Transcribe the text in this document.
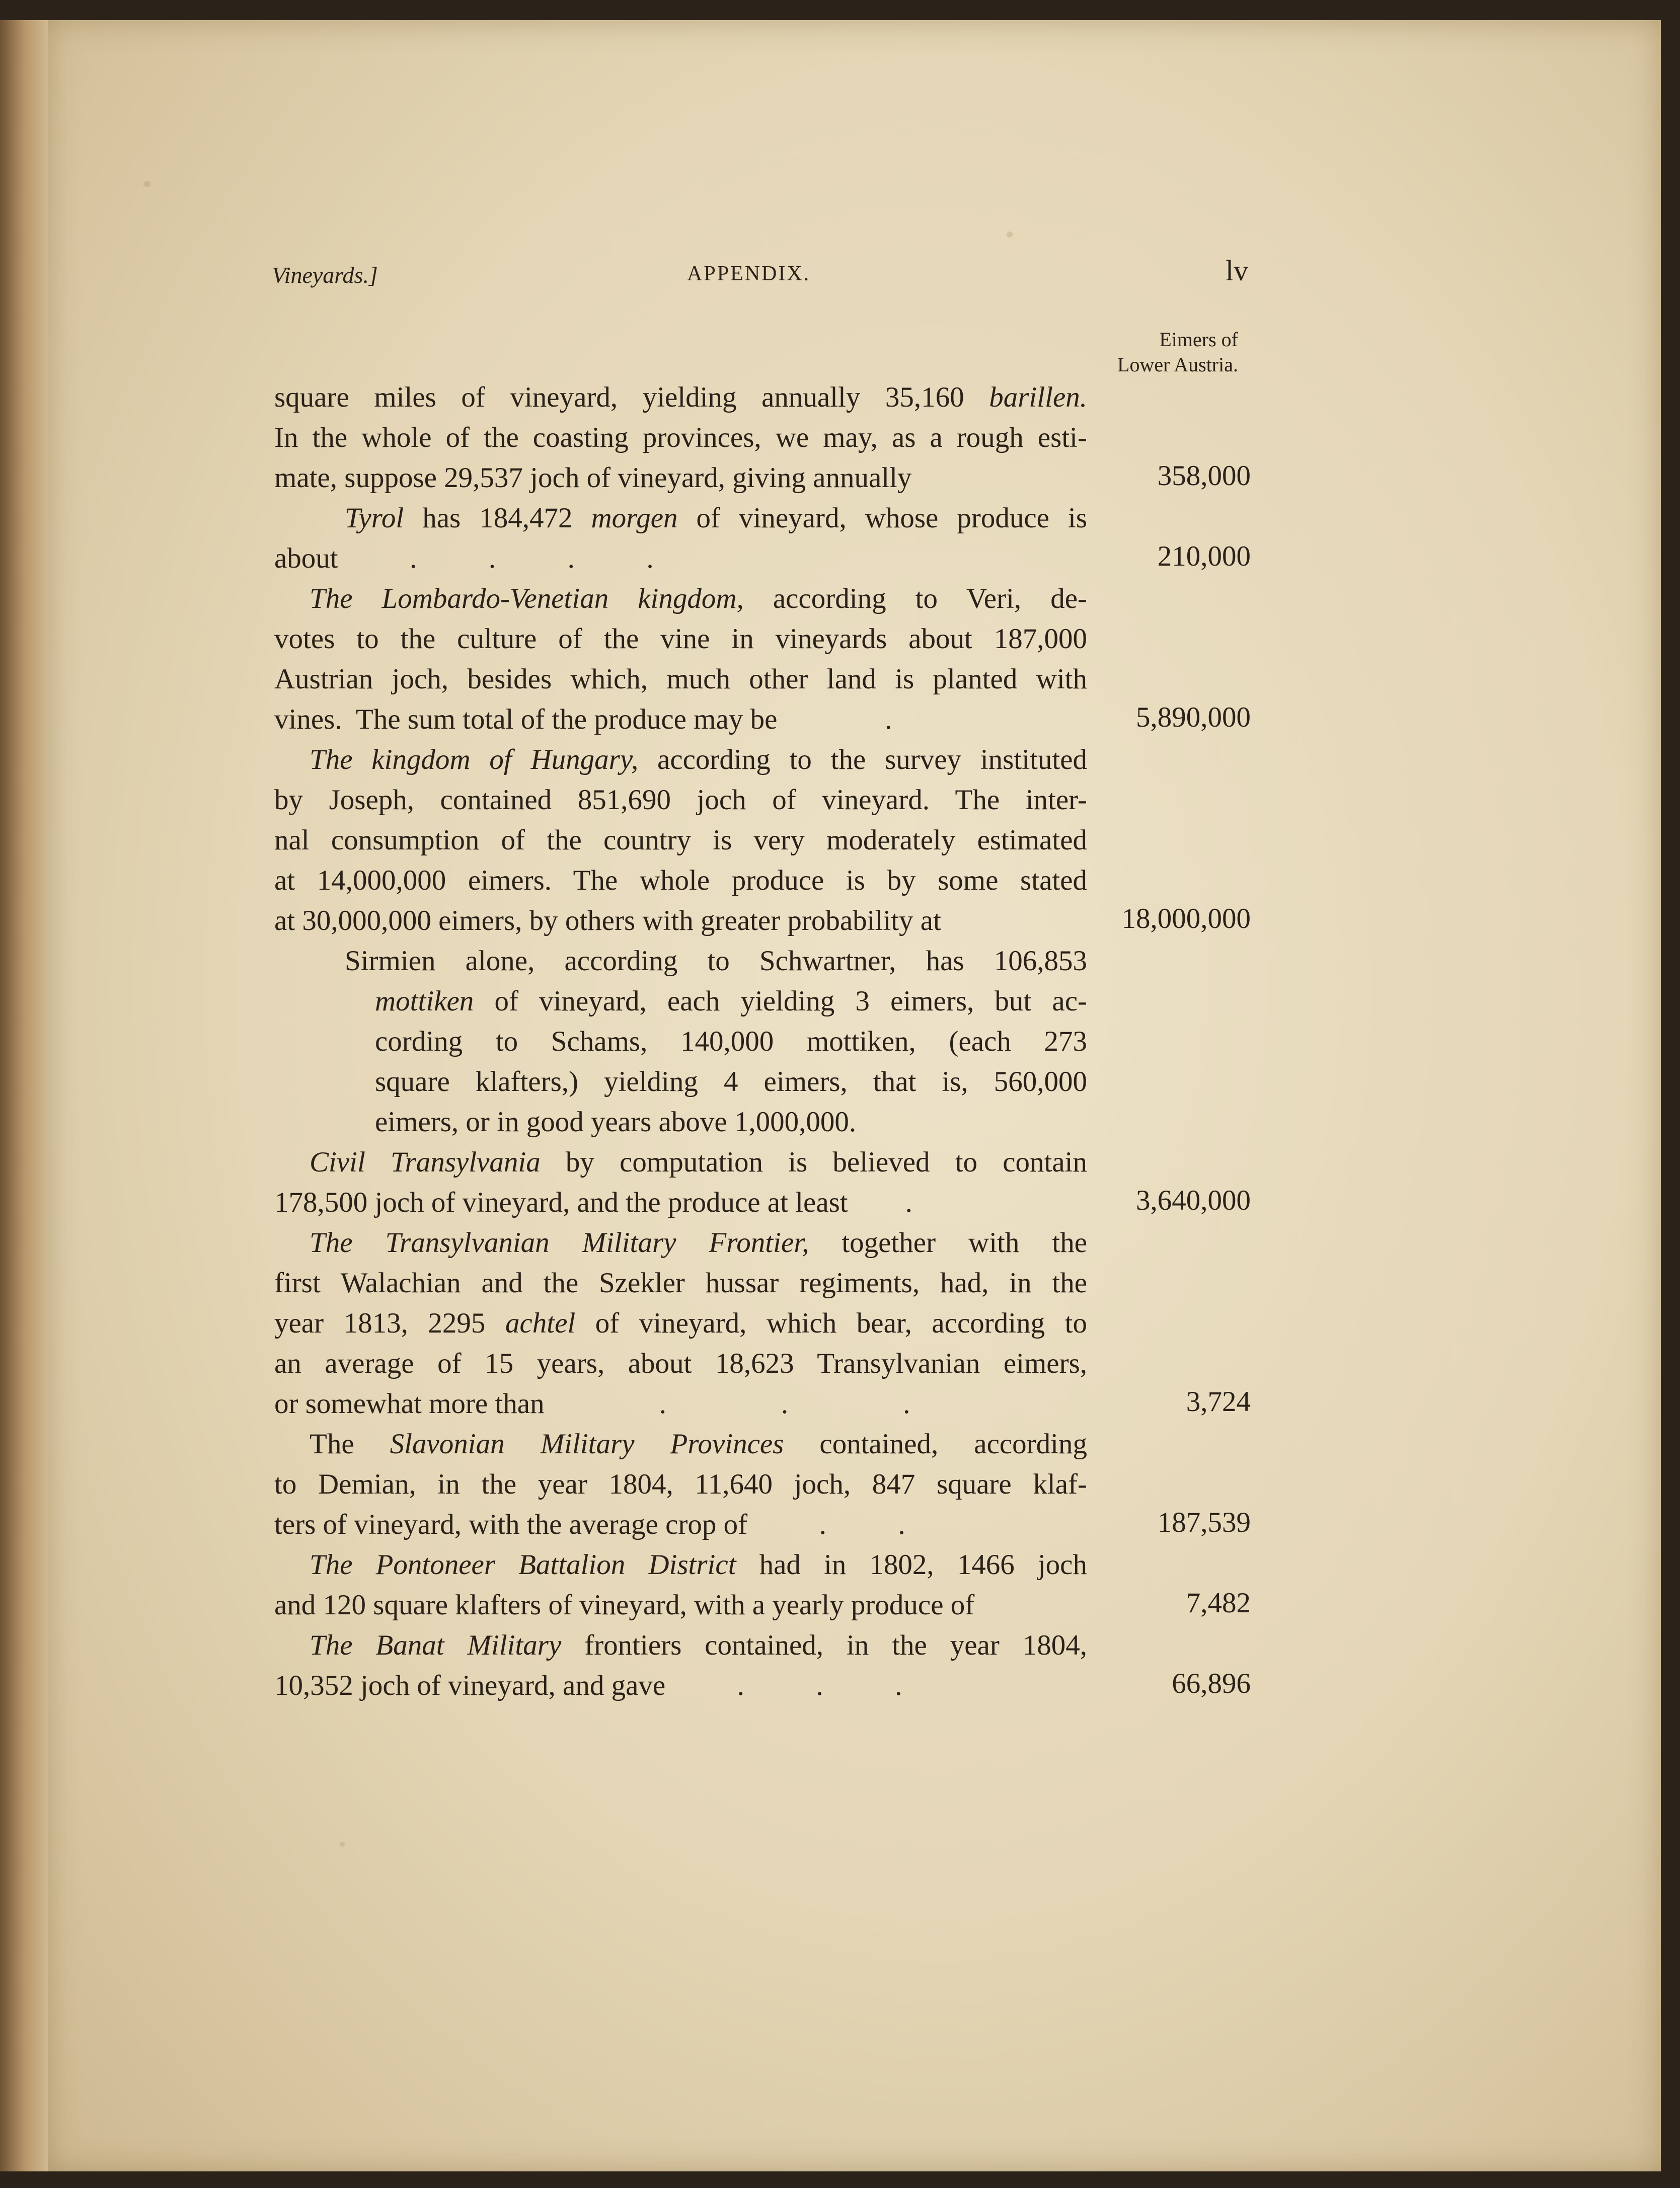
Vineyards.]	APPENDIX.	lv
Eimers of
Lower Austria.
square miles of vineyard, yielding annually 35,160 barillen.
In the whole of the coasting provinces, we may, as a rough esti-
mate, suppose 29,537 joch of vineyard, giving annually
Tyrol has 184,472 morgen of vineyard, whose produce is
about          .          .          .          .
The Lombardo-Venetian kingdom, according to Veri, de-
votes to the culture of the vine in vineyards about 187,000
Austrian joch, besides which, much other land is planted with
vines.  The sum total of the produce may be               .
The kingdom of Hungary, according to the survey instituted
by Joseph, contained 851,690 joch of vineyard. The inter-
nal consumption of the country is very moderately estimated
at 14,000,000 eimers. The whole produce is by some stated
at 30,000,000 eimers, by others with greater probability at
Sirmien alone, according to Schwartner, has 106,853
mottiken of vineyard, each yielding 3 eimers, but ac-
cording to Schams, 140,000 mottiken, (each 273
square klafters,) yielding 4 eimers, that is, 560,000
eimers, or in good years above 1,000,000.
Civil Transylvania by computation is believed to contain
178,500 joch of vineyard, and the produce at least        .
The Transylvanian Military Frontier, together with the
first Walachian and the Szekler hussar regiments, had, in the
year 1813, 2295 achtel of vineyard, which bear, according to
an average of 15 years, about 18,623 Transylvanian eimers,
or somewhat more than                .                .                .
The Slavonian Military Provinces contained, according
to Demian, in the year 1804, 11,640 joch, 847 square klaf-
ters of vineyard, with the average crop of          .          .
The Pontoneer Battalion District had in 1802, 1466 joch
and 120 square klafters of vineyard, with a yearly produce of
The Banat Military frontiers contained, in the year 1804,
10,352 joch of vineyard, and gave          .          .          .
358,000
210,000
5,890,000
18,000,000
3,640,000
3,724
187,539
7,482
66,896
